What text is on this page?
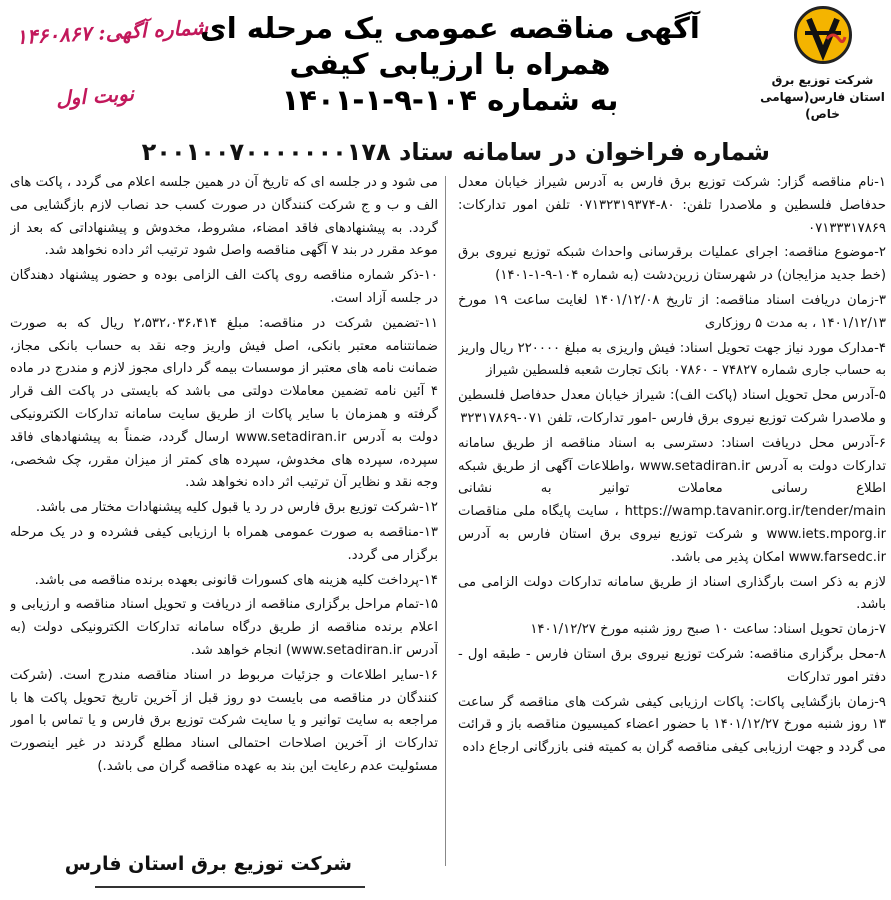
شماره آگهی: ۱۴۶۰۸۶۷
نوبت اول
آگهی مناقصه عمومی یک مرحله ای
همراه با ارزیابی کیفی
به شماره ۱۰۴-۹-۱-۱۴۰۱
شماره فراخوان در سامانه ستاد ۲۰۰۱۰۰۷۰۰۰۰۰۰۰۱۷۸
شرکت توزیع برق
استان فارس(سهامی خاص)

۱-نام مناقصه گزار: شرکت توزیع برق فارس به آدرس شیراز خیابان معدل حدفاصل فلسطین و ملاصدرا تلفن: ۸۰-۰۷۱۳۲۳۱۹۳۷۴ تلفن امور تدارکات: ۰۷۱۳۳۳۱۷۸۶۹

۲-موضوع مناقصه: اجرای عملیات برقرسانی واحداث شبکه توزیع نیروی برق (خط جدید مزایجان) در شهرستان زرین‌دشت (به شماره ۱۰۴-۹-۱-۱۴۰۱)

۳-زمان دریافت اسناد مناقصه: از تاریخ ۱۴۰۱/۱۲/۰۸ لغایت ساعت ۱۹ مورخ ۱۴۰۱/۱۲/۱۳ ، به مدت ۵ روزکاری

۴-مدارک مورد نیاز جهت تحویل اسناد: فیش واریزی به مبلغ ۲۲۰۰۰۰ ریال واریز به حساب جاری شماره ۷۴۸۲۷ - ۰۷۸۶۰ بانک تجارت شعبه فلسطین شیراز

۵-آدرس محل تحویل اسناد (پاکت الف): شیراز خیابان معدل حدفاصل فلسطین و ملاصدرا شرکت توزیع نیروی برق فارس -امور تدارکات، تلفن ۰۷۱-۳۲۳۱۷۸۶۹

۶-آدرس محل دریافت اسناد: دسترسی به اسناد مناقصه از طریق سامانه تدارکات دولت به آدرس www.setadiran.ir ،واطلاعات آگهی از طریق شبکه اطلاع رسانی معاملات توانیر به نشانی https://wamp.tavanir.org.ir/tender/main ، سایت پایگاه ملی مناقصات www.iets.mporg.ir و شرکت توزیع نیروی برق استان فارس به آدرس www.farsedc.ir امکان پذیر می باشد.

لازم به ذکر است بارگذاری اسناد از طریق سامانه تدارکات دولت الزامی می باشد.

۷-زمان تحویل اسناد: ساعت ۱۰ صبح روز شنبه مورخ ۱۴۰۱/۱۲/۲۷

۸-محل برگزاری مناقصه: شرکت توزیع نیروی برق استان فارس - طبقه اول - دفتر امور تدارکات

۹-زمان بازگشایی پاکات: پاکات ارزیابی کیفی شرکت های مناقصه گر ساعت ۱۳ روز شنبه مورخ ۱۴۰۱/۱۲/۲۷ با حضور اعضاء کمیسیون مناقصه باز و قرائت می گردد و جهت ارزیابی کیفی مناقصه گران به کمیته فنی بازرگانی ارجاع داده

می شود و در جلسه ای که تاریخ آن در همین جلسه اعلام می گردد ، پاکت های الف و ب و ج شرکت کنندگان در صورت کسب حد نصاب لازم بازگشایی می گردد. به پیشنهادهای فاقد امضاء، مشروط، مخدوش و پیشنهاداتی که بعد از موعد مقرر در بند ۷ آگهی مناقصه واصل شود ترتیب اثر داده نخواهد شد.

۱۰-ذکر شماره مناقصه روی پاکت الف الزامی بوده و حضور پیشنهاد دهندگان در جلسه آزاد است.

۱۱-تضمین شرکت در مناقصه: مبلغ ۲،۵۳۲،۰۳۶،۴۱۴ ریال که به صورت ضمانتنامه معتبر بانکی، اصل فیش واریز وجه نقد به حساب بانکی مجاز، ضمانت نامه های معتبر از موسسات بیمه گر دارای مجوز لازم و مندرج در ماده ۴ آئین نامه تضمین معاملات دولتی می باشد که بایستی در پاکت الف قرار گرفته و همزمان با سایر پاکات از طریق سایت سامانه تدارکات الکترونیکی دولت به آدرس www.setadiran.ir ارسال گردد، ضمناً به پیشنهادهای فاقد سپرده، سپرده های مخدوش، سپرده های کمتر از میزان مقرر، چک شخصی، وجه نقد و نظایر آن ترتیب اثر داده نخواهد شد.

۱۲-شرکت توزیع برق فارس در رد یا قبول کلیه پیشنهادات مختار می باشد.

۱۳-مناقصه به صورت عمومی همراه با ارزیابی کیفی فشرده و در یک مرحله برگزار می گردد.

۱۴-پرداخت کلیه هزینه های کسورات قانونی بعهده برنده مناقصه می باشد.

۱۵-تمام مراحل برگزاری مناقصه از دریافت و تحویل اسناد مناقصه و ارزیابی و اعلام برنده مناقصه از طریق درگاه سامانه تدارکات الکترونیکی دولت (به آدرس www.setadiran.ir) انجام خواهد شد.

۱۶-سایر اطلاعات و جزئیات مربوط در اسناد مناقصه مندرج است. (شرکت کنندگان در مناقصه می بایست دو روز قبل از آخرین تاریخ تحویل پاکت ها با مراجعه به سایت توانیر و یا سایت شرکت توزیع برق فارس و یا تماس با امور تدارکات از آخرین اصلاحات احتمالی اسناد مطلع گردند در غیر اینصورت مسئولیت عدم رعایت این بند به عهده مناقصه گران می باشد.)

شرکت توزیع برق استان فارس
